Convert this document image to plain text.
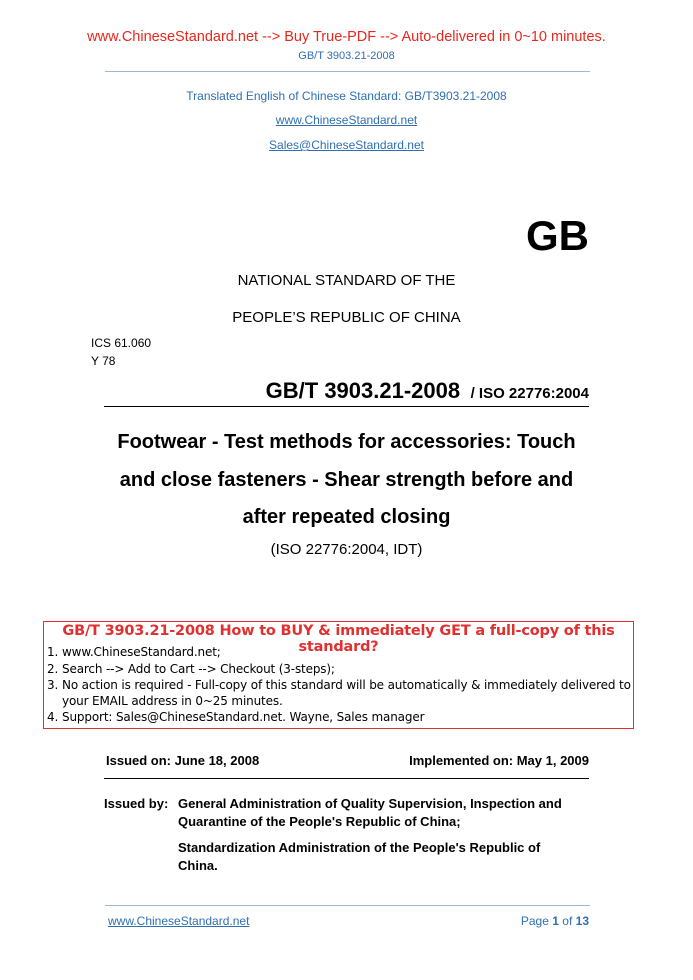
www.ChineseStandard.net --> Buy True-PDF --> Auto-delivered in 0~10 minutes.
GB/T 3903.21-2008
Translated English of Chinese Standard: GB/T3903.21-2008
www.ChineseStandard.net
Sales@ChineseStandard.net
GB
NATIONAL STANDARD OF THE
PEOPLE’S REPUBLIC OF CHINA
ICS 61.060
Y 78
GB/T 3903.21-2008 / ISO 22776:2004
Footwear - Test methods for accessories: Touch
and close fasteners - Shear strength before and
after repeated closing
(ISO 22776:2004, IDT)
GB/T 3903.21-2008 How to BUY & immediately GET a full-copy of this standard?
1. www.ChineseStandard.net;
2. Search --> Add to Cart --> Checkout (3-steps);
3. No action is required - Full-copy of this standard will be automatically & immediately delivered to
your EMAIL address in 0~25 minutes.
4. Support: Sales@ChineseStandard.net. Wayne, Sales manager
Issued on: June 18, 2008	Implemented on: May 1, 2009
Issued by: General Administration of Quality Supervision, Inspection and
Quarantine of the People's Republic of China;
Standardization Administration of the People's Republic of
China.
www.ChineseStandard.net	Page 1 of 13
